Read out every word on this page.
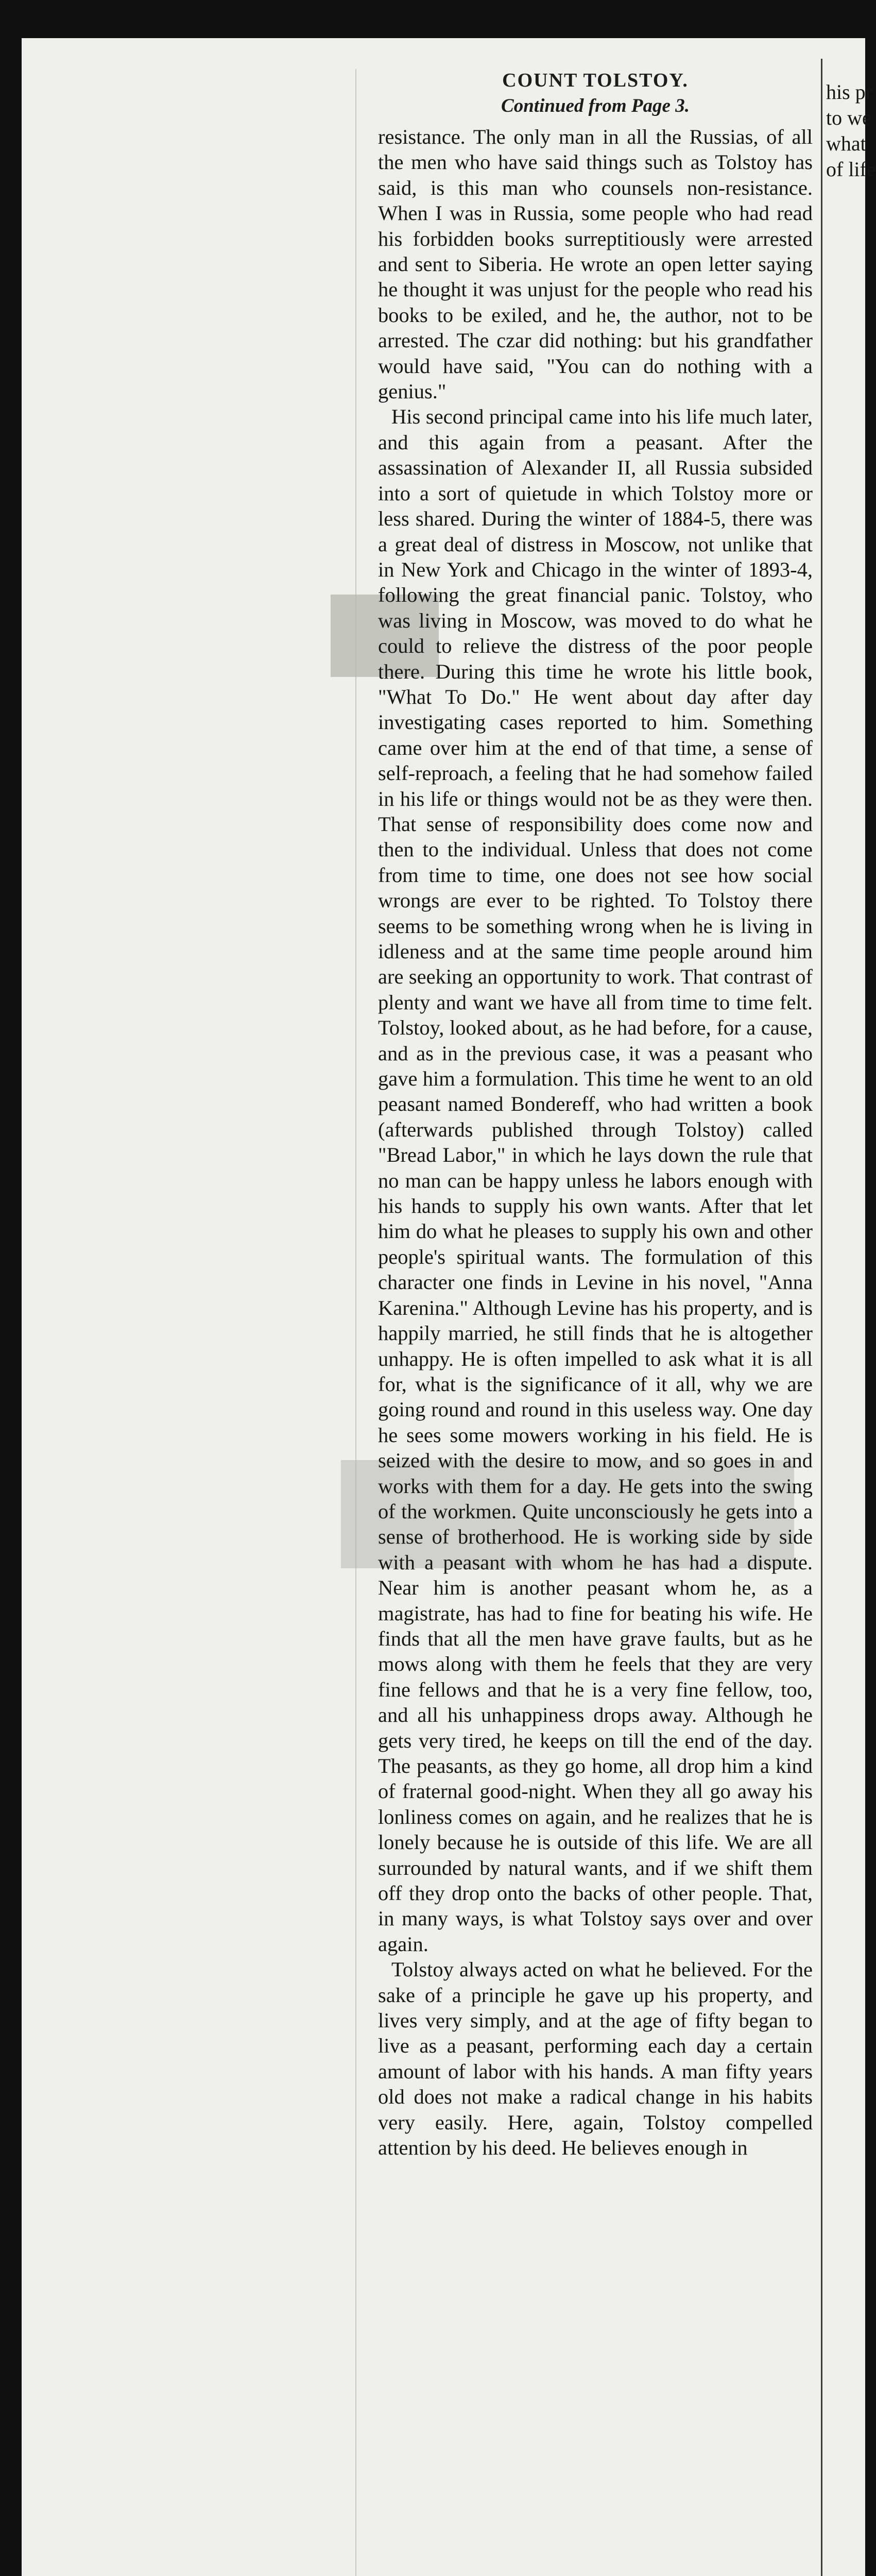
COUNT TOLSTOY.
Continued from Page 3.

resistance. The only man in all the Russias, of all the men who have said things such as Tolstoy has said, is this man who counsels non-resistance. When I was in Russia, some people who had read his forbidden books surreptitiously were arrested and sent to Siberia. He wrote an open letter saying he thought it was unjust for the people who read his books to be exiled, and he, the author, not to be arrested. The czar did nothing: but his grandfather would have said, "You can do nothing with a genius."

His second principal came into his life much later, and this again from a peasant. After the assassination of Alexander II, all Russia subsided into a sort of quietude in which Tolstoy more or less shared. During the winter of 1884-5, there was a great deal of distress in Moscow, not unlike that in New York and Chicago in the winter of 1893-4, following the great financial panic. Tolstoy, who was living in Moscow, was moved to do what he could to relieve the distress of the poor people there. During this time he wrote his little book, "What To Do." He went about day after day investigating cases reported to him. Something came over him at the end of that time, a sense of self-reproach, a feeling that he had somehow failed in his life or things would not be as they were then. That sense of responsibility does come now and then to the individual. Unless that does not come from time to time, one does not see how social wrongs are ever to be righted. To Tolstoy there seems to be something wrong when he is living in idleness and at the same time people around him are seeking an opportunity to work. That contrast of plenty and want we have all from time to time felt. Tolstoy, looked about, as he had before, for a cause, and as in the previous case, it was a peasant who gave him a formulation. This time he went to an old peasant named Bondereff, who had written a book (afterwards published through Tolstoy) called "Bread Labor," in which he lays down the rule that no man can be happy unless he labors enough with his hands to supply his own wants. After that let him do what he pleases to supply his own and other people's spiritual wants. The formulation of this character one finds in Levine in his novel, "Anna Karenina." Although Levine has his property, and is happily married, he still finds that he is altogether unhappy. He is often impelled to ask what it is all for, what is the significance of it all, why we are going round and round in this useless way. One day he sees some mowers working in his field. He is seized with the desire to mow, and so goes in and works with them for a day. He gets into the swing of the workmen. Quite unconsciously he gets into a sense of brotherhood. He is working side by side with a peasant with whom he has had a dispute. Near him is another peasant whom he, as a magistrate, has had to fine for beating his wife. He finds that all the men have grave faults, but as he mows along with them he feels that they are very fine fellows and that he is a very fine fellow, too, and all his unhappiness drops away. Although he gets very tired, he keeps on till the end of the day. The peasants, as they go home, all drop him a kind of fraternal good-night. When they all go away his lonliness comes on again, and he realizes that he is lonely because he is outside of this life. We are all surrounded by natural wants, and if we shift them off they drop onto the backs of other people. That, in many ways, is what Tolstoy says over and over again.

Tolstoy always acted on what he believed. For the sake of a principle he gave up his property, and lives very simply, and at the age of fifty began to live as a peasant, performing each day a certain amount of labor with his hands. A man fifty years old does not make a radical change in his habits very easily. Here, again, Tolstoy compelled attention by his deed. He believes enough in

his pr
to we
what
of life
